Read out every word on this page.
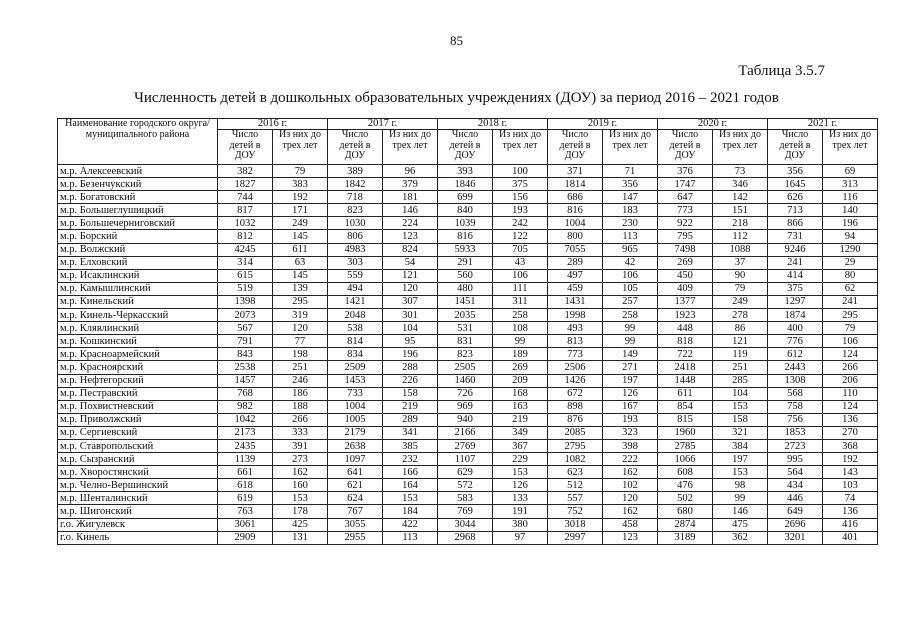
85
Таблица 3.5.7
Численность детей в дошкольных образовательных учреждениях (ДОУ) за период 2016 – 2021 годов
Наименование городского округа/ муниципального района	2016 г.		2017 г.		2018 г.		2019 г.		2020 г.		2021 г.	
	Число детей в ДОУ	Из них до трех лет	Число детей в ДОУ	Из них до трех лет	Число детей в ДОУ	Из них до трех лет	Число детей в ДОУ	Из них до трех лет	Число детей в ДОУ	Из них до трех лет	Число детей в ДОУ	Из них до трех лет
м.р. Алексеевский	382	79	389	96	393	100	371	71	376	73	356	69
м.р. Безенчукский	1827	383	1842	379	1846	375	1814	356	1747	346	1645	313
м.р. Богатовский	744	192	718	181	699	156	686	147	647	142	626	116
м.р. Большеглушицкий	817	171	823	146	840	193	816	183	773	151	713	140
м.р. Большечерниговский	1032	249	1030	224	1039	242	1004	230	922	218	866	196
м.р. Борский	812	145	806	123	816	122	800	113	795	112	731	94
м.р. Волжский	4245	611	4983	824	5933	705	7055	965	7498	1088	9246	1290
м.р. Елховский	314	63	303	54	291	43	289	42	269	37	241	29
м.р. Исаклинский	615	145	559	121	560	106	497	106	450	90	414	80
м.р. Камышлинский	519	139	494	120	480	111	459	105	409	79	375	62
м.р. Кинельский	1398	295	1421	307	1451	311	1431	257	1377	249	1297	241
м.р. Кинель-Черкасский	2073	319	2048	301	2035	258	1998	258	1923	278	1874	295
м.р. Клявлинский	567	120	538	104	531	108	493	99	448	86	400	79
м.р. Кошкинский	791	77	814	95	831	99	813	99	818	121	776	106
м.р. Красноармейский	843	198	834	196	823	189	773	149	722	119	612	124
м.р. Красноярский	2538	251	2509	288	2505	269	2506	271	2418	251	2443	266
м.р. Нефтегорский	1457	246	1453	226	1460	209	1426	197	1448	285	1308	206
м.р. Пестравский	768	186	733	158	726	168	672	126	611	104	568	110
м.р. Похвистневский	982	188	1004	219	969	163	898	167	854	153	758	124
м.р. Приволжский	1042	266	1005	289	940	219	876	193	815	158	756	136
м.р. Сергиевский	2173	333	2179	341	2166	349	2085	323	1960	321	1853	270
м.р. Ставропольский	2435	391	2638	385	2769	367	2795	398	2785	384	2723	368
м.р. Сызранский	1139	273	1097	232	1107	229	1082	222	1066	197	995	192
м.р. Хворостянский	661	162	641	166	629	153	623	162	608	153	564	143
м.р. Челно-Вершинский	618	160	621	164	572	126	512	102	476	98	434	103
м.р. Шенталинский	619	153	624	153	583	133	557	120	502	99	446	74
м.р. Шигонский	763	178	767	184	769	191	752	162	680	146	649	136
г.о. Жигулевск	3061	425	3055	422	3044	380	3018	458	2874	475	2696	416
г.о. Кинель	2909	131	2955	113	2968	97	2997	123	3189	362	3201	401
